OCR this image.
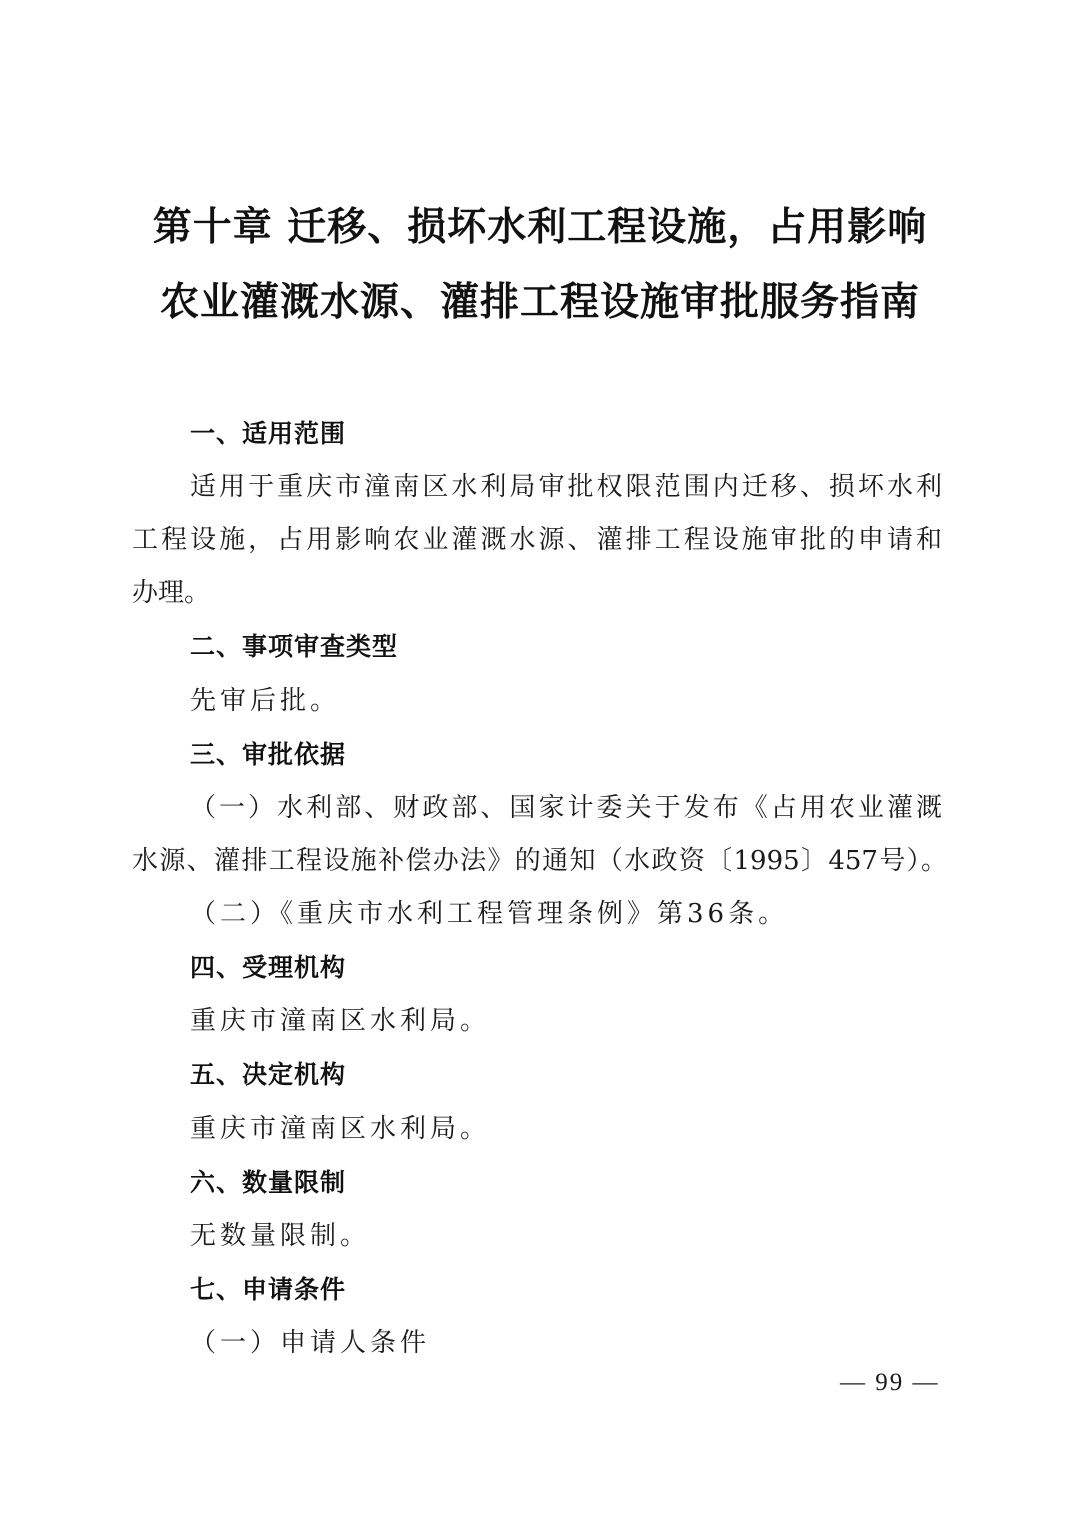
第十章 迁移、损坏水利工程设施，占用影响
农业灌溉水源、灌排工程设施审批服务指南
一、适用范围
适用于重庆市潼南区水利局审批权限范围内迁移、损坏水利
工程设施，占用影响农业灌溉水源、灌排工程设施审批的申请和
办理。
二、事项审查类型
先审后批。
三、审批依据
（一）水利部、财政部、国家计委关于发布《占用农业灌溉
水源、灌排工程设施补偿办法》的通知（水政资〔1995〕457号）。
（二）《重庆市水利工程管理条例》第36条。
四、受理机构
重庆市潼南区水利局。
五、决定机构
重庆市潼南区水利局。
六、数量限制
无数量限制。
七、申请条件
（一）申请人条件
— 99 —
